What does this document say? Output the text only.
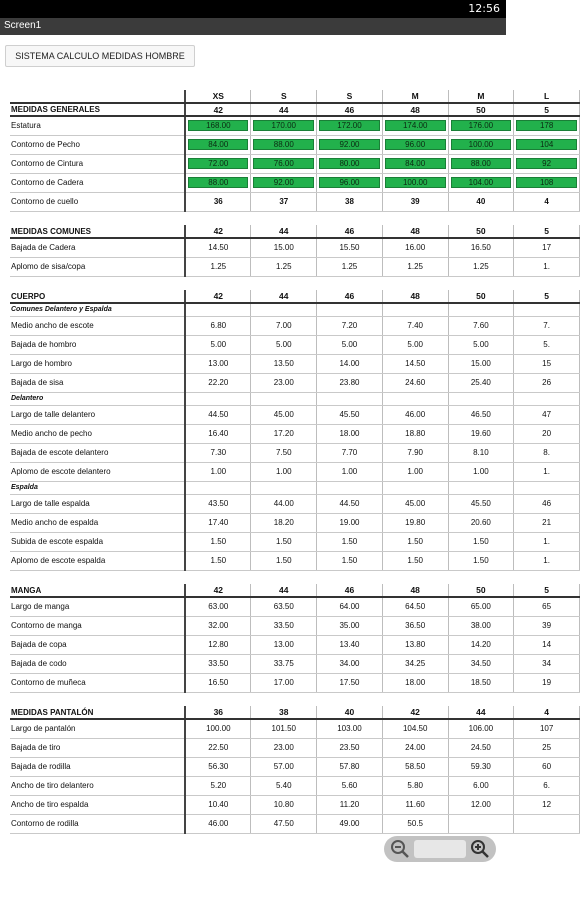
12:56
Screen1
SISTEMA CALCULO MEDIDAS HOMBRE
	XS	S	S	M	M	L
MEDIDAS GENERALES	42	44	46	48	50	5
Estatura	168.00	170.00	172.00	174.00	176.00	178

Contorno de Pecho	84.00	88.00	92.00	96.00	100.00	104

Contorno de Cintura	72.00	76.00	80.00	84.00	88.00	92

Contorno de Cadera	88.00	92.00	96.00	100.00	104.00	108

Contorno de cuello	36	37	38	39	40	4

MEDIDAS COMUNES	42	44	46	48	50	5
Bajada de Cadera	14.50	15.00	15.50	16.00	16.50	17
Aplomo de sisa/copa	1.25	1.25	1.25	1.25	1.25	1.

CUERPO	42	44	46	48	50	5
Comunes Delantero y Espalda						
Medio ancho de escote	6.80	7.00	7.20	7.40	7.60	7.
Bajada de hombro	5.00	5.00	5.00	5.00	5.00	5.
Largo de hombro	13.00	13.50	14.00	14.50	15.00	15
Bajada de sisa	22.20	23.00	23.80	24.60	25.40	26
Delantero						
Largo de talle delantero	44.50	45.00	45.50	46.00	46.50	47
Medio ancho de pecho	16.40	17.20	18.00	18.80	19.60	20
Bajada de escote delantero	7.30	7.50	7.70	7.90	8.10	8.
Aplomo de escote delantero	1.00	1.00	1.00	1.00	1.00	1.
Espalda						
Largo de talle espalda	43.50	44.00	44.50	45.00	45.50	46
Medio ancho de espalda	17.40	18.20	19.00	19.80	20.60	21
Subida de escote espalda	1.50	1.50	1.50	1.50	1.50	1.
Aplomo de escote espalda	1.50	1.50	1.50	1.50	1.50	1.

MANGA	42	44	46	48	50	5
Largo de manga	63.00	63.50	64.00	64.50	65.00	65
Contorno de manga	32.00	33.50	35.00	36.50	38.00	39
Bajada de copa	12.80	13.00	13.40	13.80	14.20	14
Bajada de codo	33.50	33.75	34.00	34.25	34.50	34
Contorno de muñeca	16.50	17.00	17.50	18.00	18.50	19

MEDIDAS PANTALÓN	36	38	40	42	44	4
Largo de pantalón	100.00	101.50	103.00	104.50	106.00	107
Bajada de tiro	22.50	23.00	23.50	24.00	24.50	25
Bajada de rodilla	56.30	57.00	57.80	58.50	59.30	60
Ancho de tiro delantero	5.20	5.40	5.60	5.80	6.00	6.
Ancho de tiro espalda	10.40	10.80	11.20	11.60	12.00	12
Contorno de rodilla	46.00	47.50	49.00	50.5		
